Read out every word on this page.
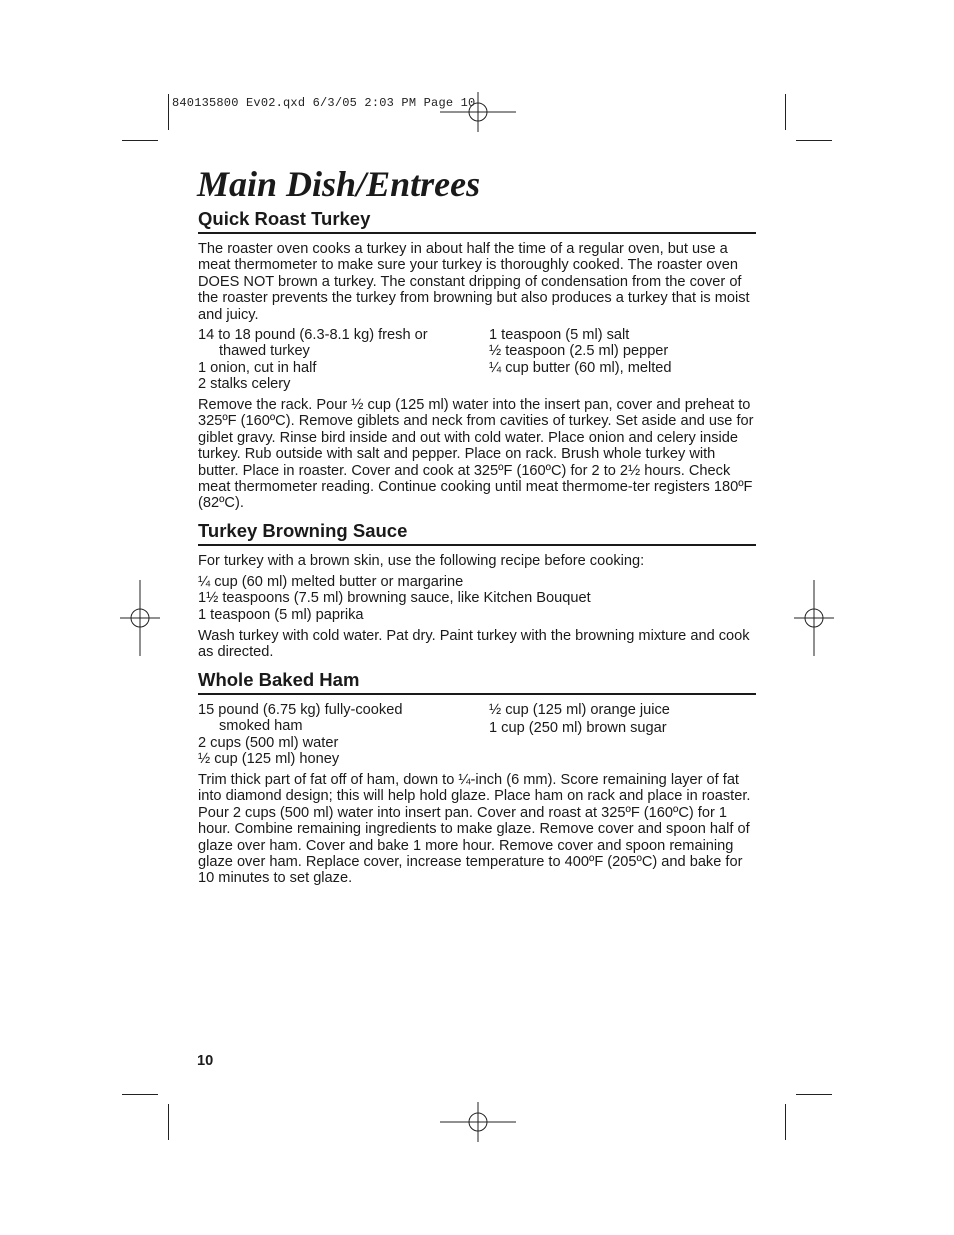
840135800 Ev02.qxd 6/3/05 2:03 PM Page 10
Main Dish/Entrees
Quick Roast Turkey

The roaster oven cooks a turkey in about half the time of a regular oven, but use a meat thermometer to make sure your turkey is thoroughly cooked. The roaster oven DOES NOT brown a turkey. The constant dripping of condensation from the cover of the roaster prevents the turkey from browning but also produces a turkey that is moist and juicy.

14 to 18 pound (6.3-8.1 kg) fresh or

thawed turkey

1 onion, cut in half

2 stalks celery

1 teaspoon (5 ml) salt

½ teaspoon (2.5 ml) pepper

¼ cup butter (60 ml), melted

Remove the rack. Pour ½ cup (125 ml) water into the insert pan, cover and preheat to 325ºF (160ºC). Remove giblets and neck from cavities of turkey. Set aside and use for giblet gravy. Rinse bird inside and out with cold water. Place onion and celery inside turkey. Rub outside with salt and pepper. Place on rack. Brush whole turkey with butter. Place in roaster. Cover and cook at 325ºF (160ºC) for 2 to 2½ hours. Check meat thermometer reading. Continue cooking until meat thermome-ter registers 180ºF (82ºC).

Turkey Browning Sauce

For turkey with a brown skin, use the following recipe before cooking:

¼ cup (60 ml) melted butter or margarine

1½ teaspoons (7.5 ml) browning sauce, like Kitchen Bouquet

1 teaspoon (5 ml) paprika

Wash turkey with cold water. Pat dry. Paint turkey with the browning mixture and cook as directed.

Whole Baked Ham

15 pound (6.75 kg) fully-cooked

smoked ham

2 cups (500 ml) water

½ cup (125 ml) honey

½ cup (125 ml) orange juice

1 cup (250 ml) brown sugar

Trim thick part of fat off of ham, down to ¼-inch (6 mm). Score remaining layer of fat into diamond design; this will help hold glaze. Place ham on rack and place in roaster. Pour 2 cups (500 ml) water into insert pan. Cover and roast at 325ºF (160ºC) for 1 hour. Combine remaining ingredients to make glaze. Remove cover and spoon half of glaze over ham. Cover and bake 1 more hour. Remove cover and spoon remaining glaze over ham. Replace cover, increase temperature to 400ºF (205ºC) and bake for 10 minutes to set glaze.

10
